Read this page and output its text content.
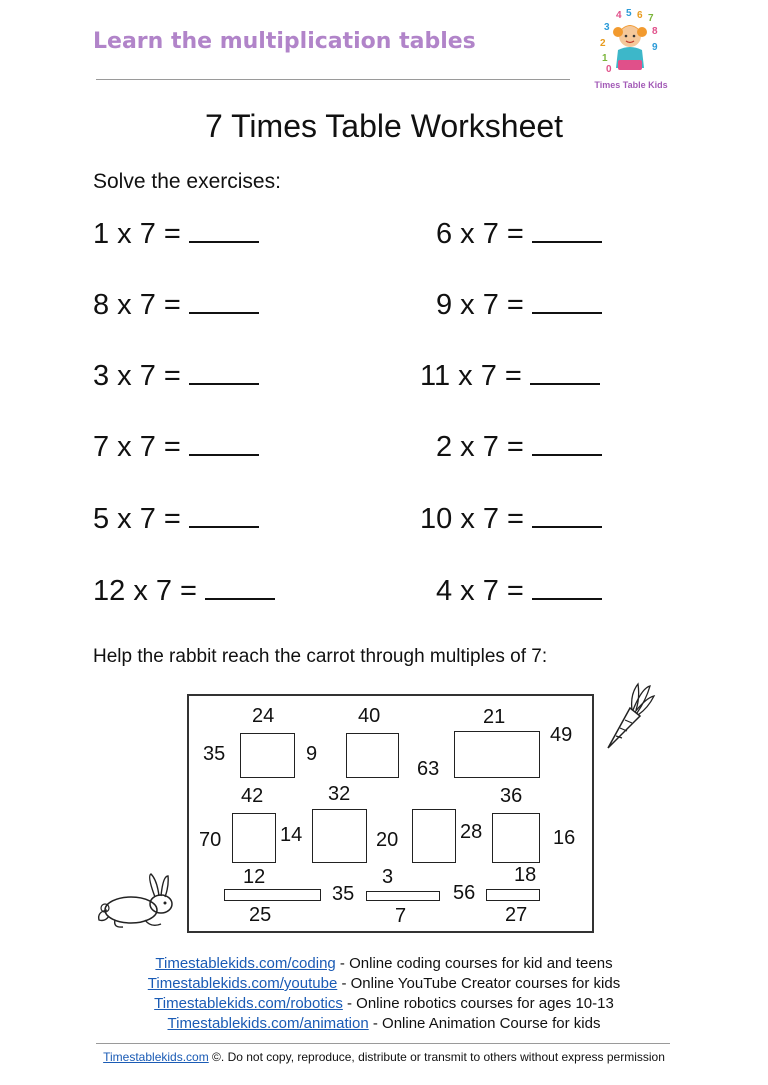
Learn the multiplication tables
4 5 6 7
3	8
2	9
1
0
Times Table Kids
7 Times Table Worksheet
Solve the exercises:
1 x 7 =
8 x 7 =
3 x 7 =
7 x 7 =
5 x 7 =
12 x 7 =
6 x 7 =
9 x 7 =
11 x 7 =
2 x 7 =
10 x 7 =
4 x 7 =
Help the rabbit reach the carrot through multiples of 7:
24	40	21
35	9
63
49
42	32	36
70	14	20	28	16
12	3	18
35	56
25	7	27
Timestablekids.com/coding - Online coding courses for kid and teens
Timestablekids.com/youtube - Online YouTube Creator courses for kids
Timestablekids.com/robotics - Online robotics courses for ages 10-13
Timestablekids.com/animation - Online Animation Course for kids
Timestablekids.com ©. Do not copy, reproduce, distribute or transmit to others without express permission
